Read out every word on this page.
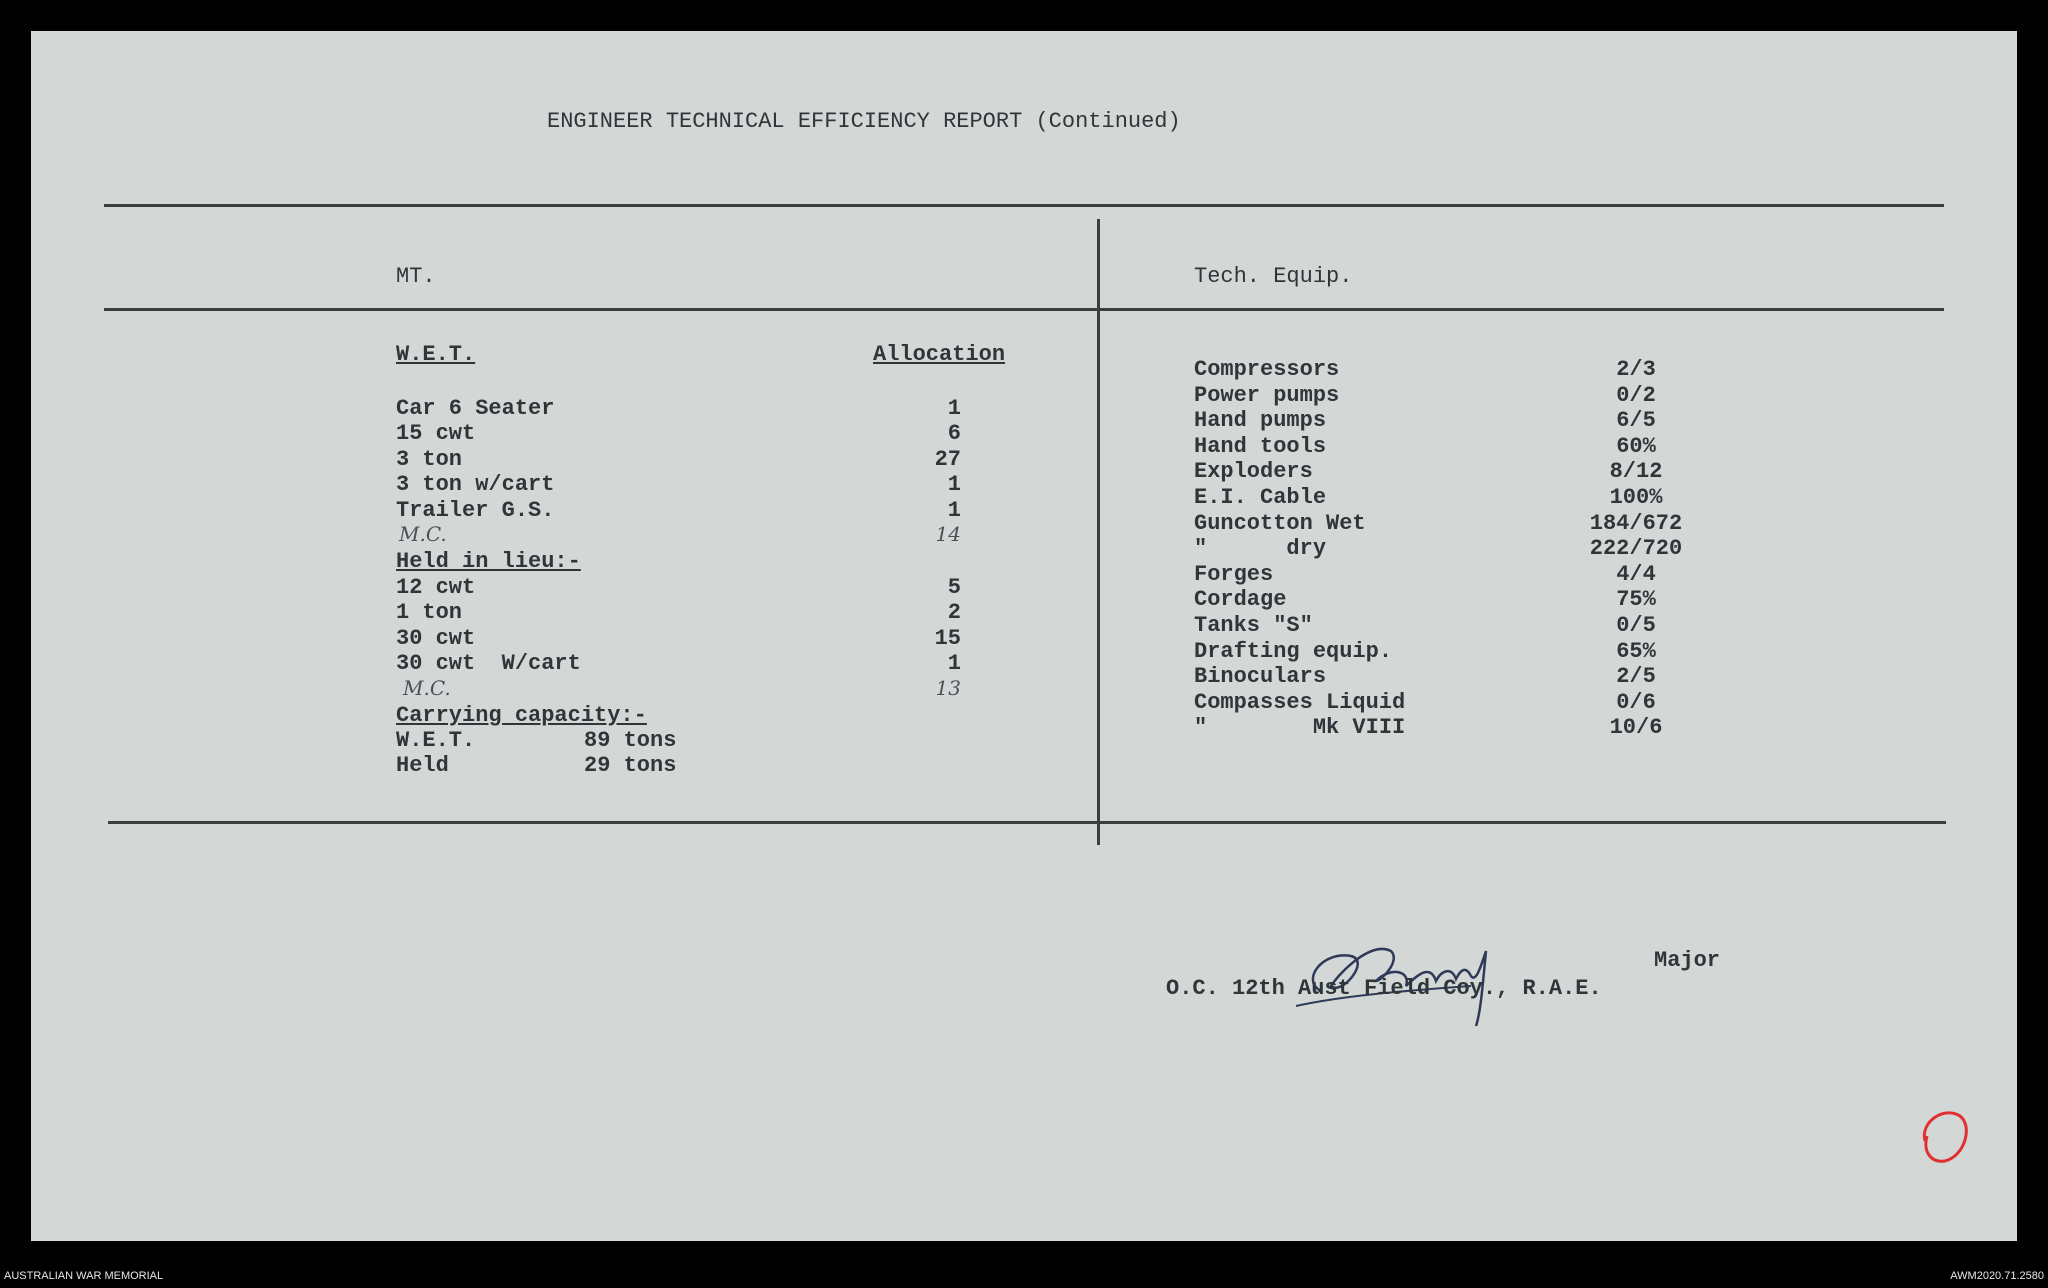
ENGINEER TECHNICAL EFFICIENCY REPORT (Continued)
MT.	Tech. Equip.
W.E.T.	Allocation
Car 6 Seater	1
15 cwt	6
3 ton	27
3 ton w/cart	1
Trailer G.S.	1
M.C.	14
Held in lieu:-
12 cwt	5
1 ton	2
30 cwt	15
30 cwt  W/cart	1
M.C.	13
Carrying capacity:-
W.E.T.	89 tons
Held	29 tons
Major
O.C. 12th Aust Field Coy., R.A.E.
Compressors	2/3
Power pumps	0/2
Hand pumps	6/5
Hand tools	60%
Exploders	8/12
E.I. Cable	100%
Guncotton Wet	184/672
"      dry	222/720
Forges	4/4
Cordage	75%
Tanks "S"	0/5
Drafting equip.	65%
Binoculars	2/5
Compasses Liquid	0/6
"        Mk VIII	10/6
AUSTRALIAN WAR MEMORIAL	AWM2020.71.2580
